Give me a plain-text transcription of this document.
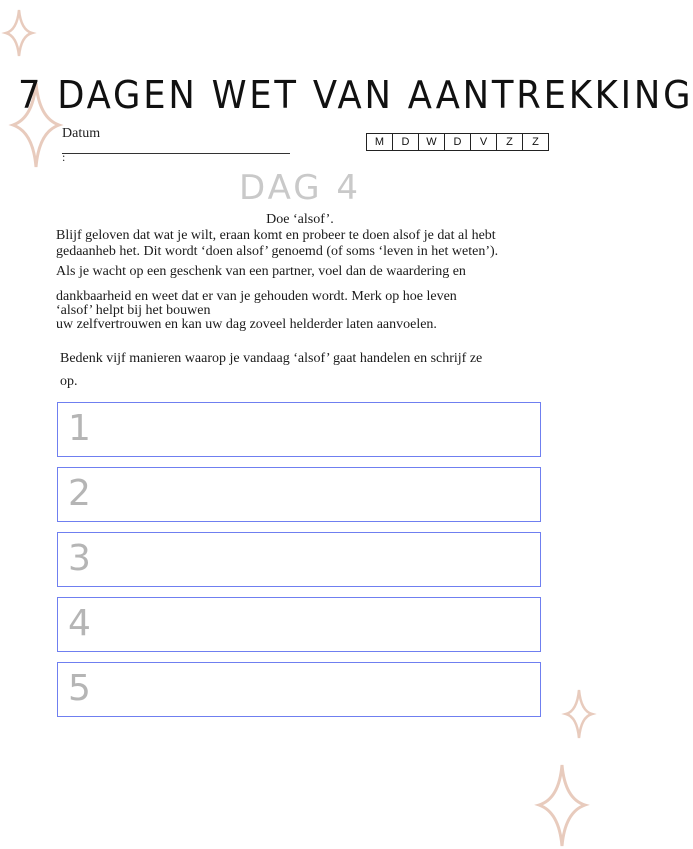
7 DAGEN WET VAN AANTREKKING
Datum
:
M	D	W	D	V	Z	Z
DAG 4
Doe ‘alsof’.
Blijf geloven dat wat je wilt, eraan komt en probeer te doen alsof je dat al hebt
gedaanheb het. Dit wordt ‘doen alsof’ genoemd (of soms ‘leven in het weten’).
Als je wacht op een geschenk van een partner, voel dan de waardering en
dankbaarheid en weet dat er van je gehouden wordt. Merk op hoe leven
‘alsof’ helpt bij het bouwen
uw zelfvertrouwen en kan uw dag zoveel helderder laten aanvoelen.
Bedenk vijf manieren waarop je vandaag ‘alsof’ gaat handelen en schrijf ze
op.
1
2
3
4
5
